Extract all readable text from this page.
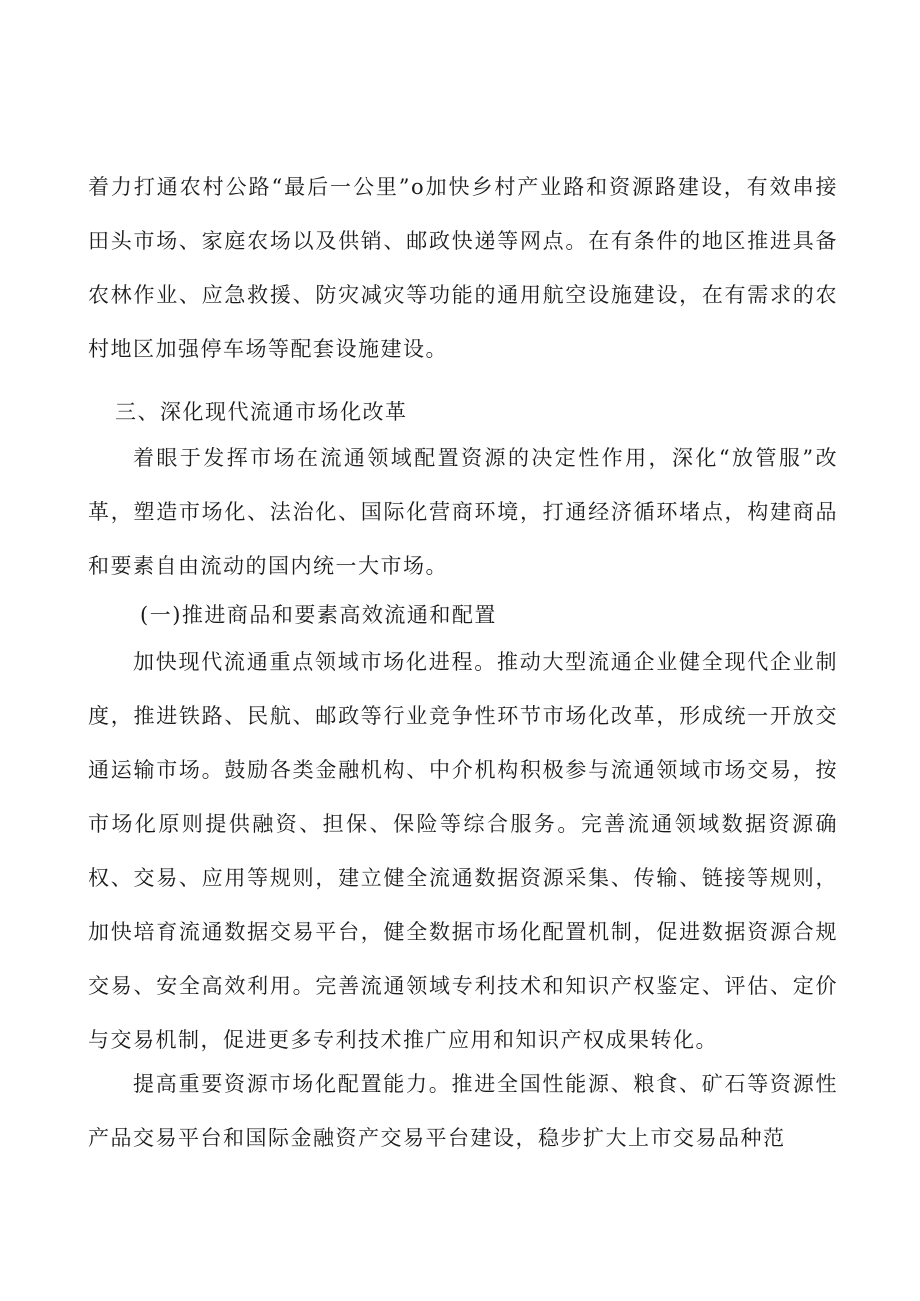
着力打通农村公路“最后一公里”o加快乡村产业路和资源路建设，有效串接田头市场、家庭农场以及供销、邮政快递等网点。在有条件的地区推进具备农林作业、应急救援、防灾减灾等功能的通用航空设施建设，在有需求的农村地区加强停车场等配套设施建设。

三、深化现代流通市场化改革

着眼于发挥市场在流通领域配置资源的决定性作用，深化“放管服”改革，塑造市场化、法治化、国际化营商环境，打通经济循环堵点，构建商品和要素自由流动的国内统一大市场。

(一)推进商品和要素高效流通和配置

加快现代流通重点领域市场化进程。推动大型流通企业健全现代企业制度，推进铁路、民航、邮政等行业竞争性环节市场化改革，形成统一开放交通运输市场。鼓励各类金融机构、中介机构积极参与流通领域市场交易，按市场化原则提供融资、担保、保险等综合服务。完善流通领域数据资源确权、交易、应用等规则，建立健全流通数据资源采集、传输、链接等规则，加快培育流通数据交易平台，健全数据市场化配置机制，促进数据资源合规交易、安全高效利用。完善流通领域专利技术和知识产权鉴定、评估、定价与交易机制，促进更多专利技术推广应用和知识产权成果转化。

提高重要资源市场化配置能力。推进全国性能源、粮食、矿石等资源性产品交易平台和国际金融资产交易平台建设，稳步扩大上市交易品种范
